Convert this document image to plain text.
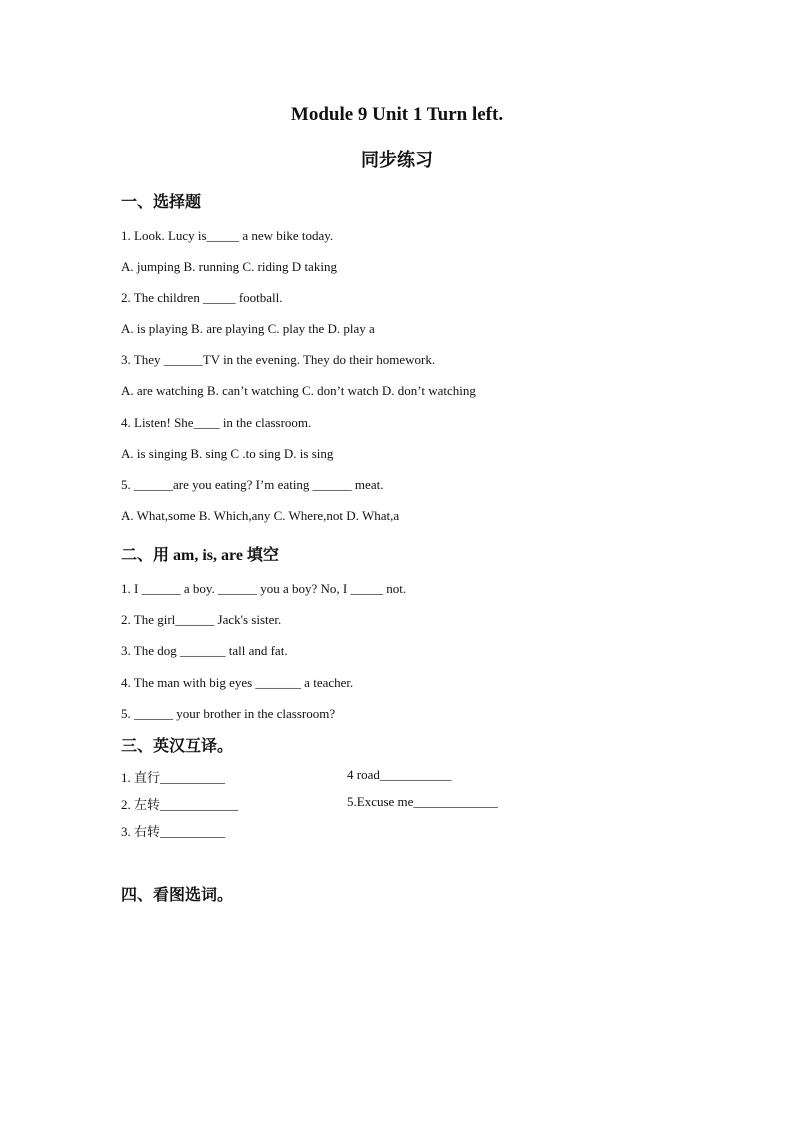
Module 9 Unit 1 Turn left.
同步练习
一、选择题
1. Look. Lucy is_____ a new bike today.
A. jumping B. running C. riding D taking
2. The children _____ football.
A. is playing B. are playing C. play the D. play a
3. They ______TV in the evening. They do their homework.
A. are watching B. can’t watching C. don’t watch D. don’t watching
4. Listen! She____ in the classroom.
A. is singing B. sing C .to sing D. is sing
5. ______are you eating? I’m eating ______ meat.
A. What,some B. Which,any C. Where,not D. What,a
二、用 am, is, are 填空
1. I ______ a boy. ______ you a boy? No, I _____ not.
2. The girl______ Jack's sister.
3. The dog _______ tall and fat.
4. The man with big eyes _______ a teacher.
5. ______ your brother in the classroom?
三、英汉互译。
1. 直行__________
2. 左转____________
3. 右转__________
4 road___________
5.Excuse me_____________
四、看图选词。
